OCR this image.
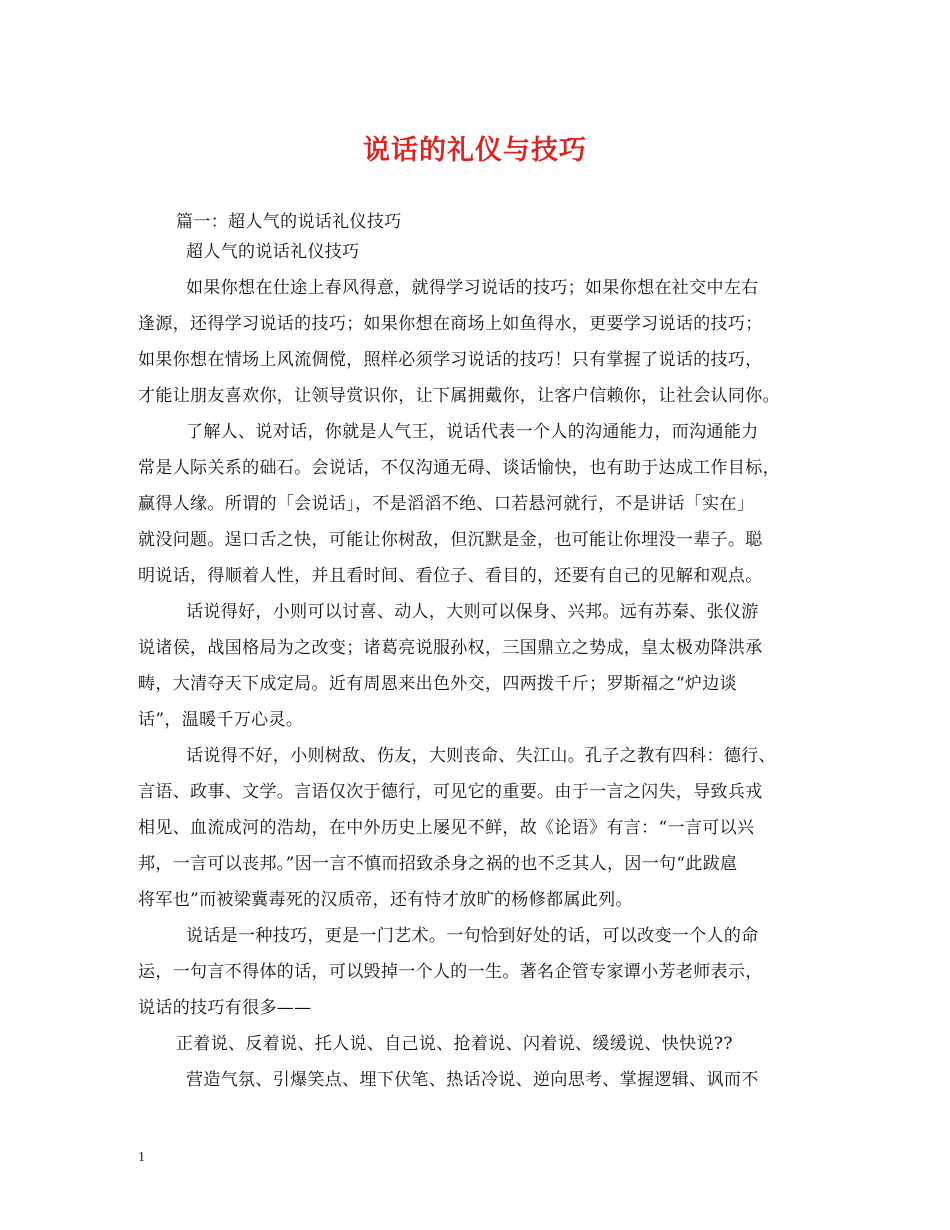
说话的礼仪与技巧
篇一：超人气的说话礼仪技巧
超人气的说话礼仪技巧
如果你想在仕途上春风得意，就得学习说话的技巧；如果你想在社交中左右
逢源，还得学习说话的技巧；如果你想在商场上如鱼得水，更要学习说话的技巧；
如果你想在情场上风流倜傥，照样必须学习说话的技巧！只有掌握了说话的技巧，
才能让朋友喜欢你，让领导赏识你，让下属拥戴你，让客户信赖你，让社会认同你。
了解人、说对话，你就是人气王，说话代表一个人的沟通能力，而沟通能力
常是人际关系的础石。会说话，不仅沟通无碍、谈话愉快，也有助于达成工作目标，
赢得人缘。所谓的「会说话」，不是滔滔不绝、口若悬河就行，不是讲话「实在」
就没问题。逞口舌之快，可能让你树敌，但沉默是金，也可能让你埋没一辈子。聪
明说话，得顺着人性，并且看时间、看位子、看目的，还要有自己的见解和观点。
话说得好，小则可以讨喜、动人，大则可以保身、兴邦。远有苏秦、张仪游
说诸侯，战国格局为之改变；诸葛亮说服孙权，三国鼎立之势成，皇太极劝降洪承
畴，大清夺天下成定局。近有周恩来出色外交，四两拨千斤；罗斯福之“炉边谈
话”，温暖千万心灵。
话说得不好，小则树敌、伤友，大则丧命、失江山。孔子之教有四科：德行、
言语、政事、文学。言语仅次于德行，可见它的重要。由于一言之闪失，导致兵戎
相见、血流成河的浩劫，在中外历史上屡见不鲜，故《论语》有言：“一言可以兴
邦，一言可以丧邦。”因一言不慎而招致杀身之祸的也不乏其人，因一句“此跋扈
将军也”而被梁冀毒死的汉质帝，还有恃才放旷的杨修都属此列。
说话是一种技巧，更是一门艺术。一句恰到好处的话，可以改变一个人的命
运，一句言不得体的话，可以毁掉一个人的一生。著名企管专家谭小芳老师表示，
说话的技巧有很多——
正着说、反着说、托人说、自己说、抢着说、闪着说、缓缓说、快快说??
营造气氛、引爆笑点、埋下伏笔、热话冷说、逆向思考、掌握逻辑、讽而不
1
